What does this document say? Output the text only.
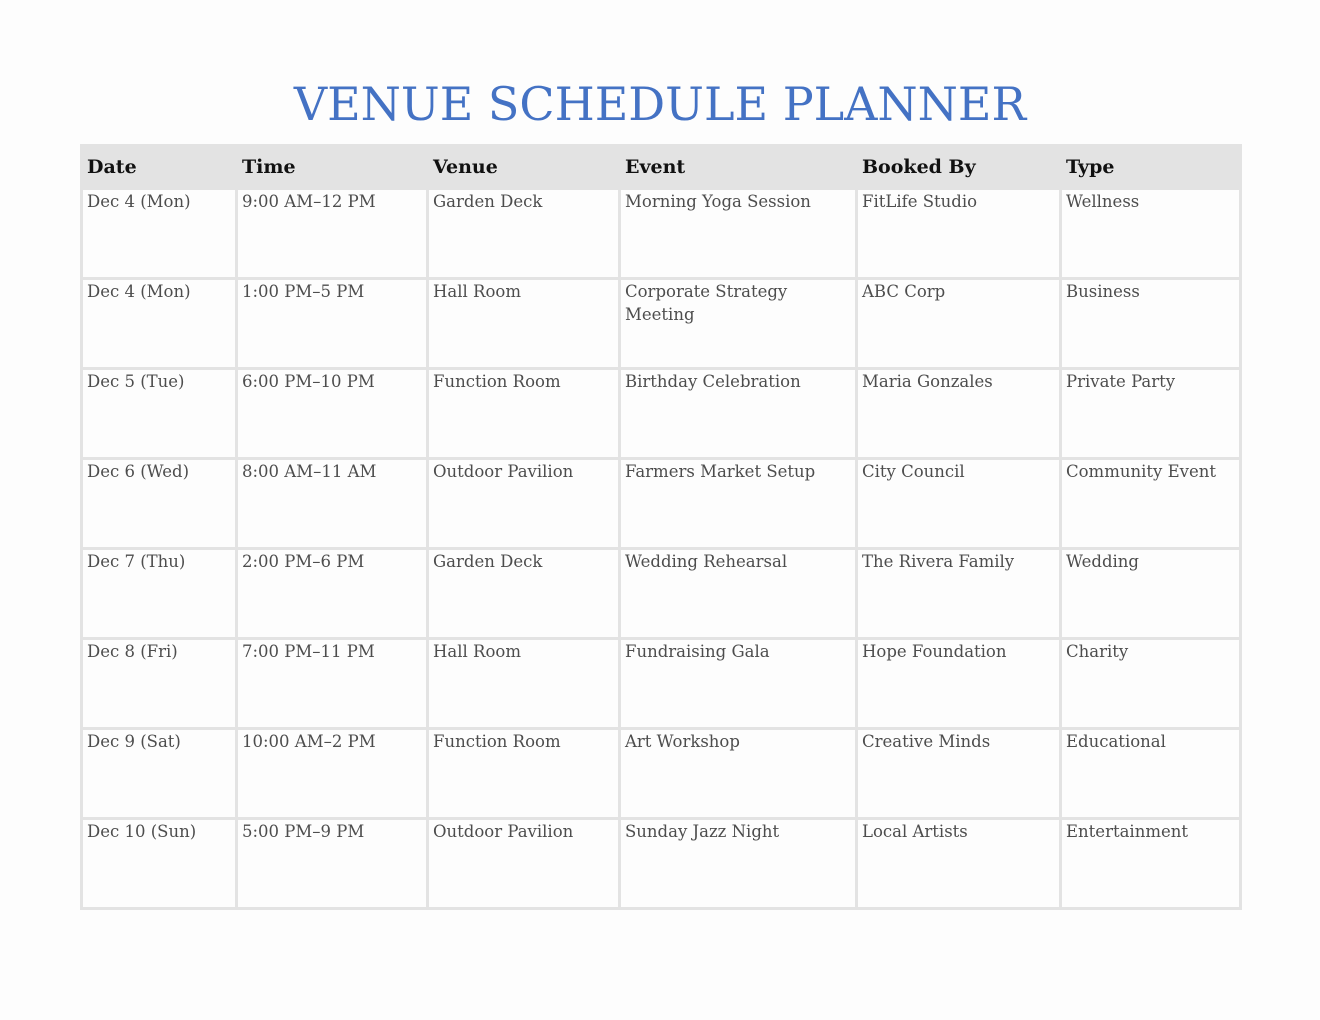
VENUE SCHEDULE PLANNER
Date	Time	Venue	Event	Booked By	Type
Dec 4 (Mon)	9:00 AM–12 PM	Garden Deck	Morning Yoga Session	FitLife Studio	Wellness
Dec 4 (Mon)	1:00 PM–5 PM	Hall Room	Corporate Strategy Meeting	ABC Corp	Business
Dec 5 (Tue)	6:00 PM–10 PM	Function Room	Birthday Celebration	Maria Gonzales	Private Party
Dec 6 (Wed)	8:00 AM–11 AM	Outdoor Pavilion	Farmers Market Setup	City Council	Community Event
Dec 7 (Thu)	2:00 PM–6 PM	Garden Deck	Wedding Rehearsal	The Rivera Family	Wedding
Dec 8 (Fri)	7:00 PM–11 PM	Hall Room	Fundraising Gala	Hope Foundation	Charity
Dec 9 (Sat)	10:00 AM–2 PM	Function Room	Art Workshop	Creative Minds	Educational
Dec 10 (Sun)	5:00 PM–9 PM	Outdoor Pavilion	Sunday Jazz Night	Local Artists	Entertainment
